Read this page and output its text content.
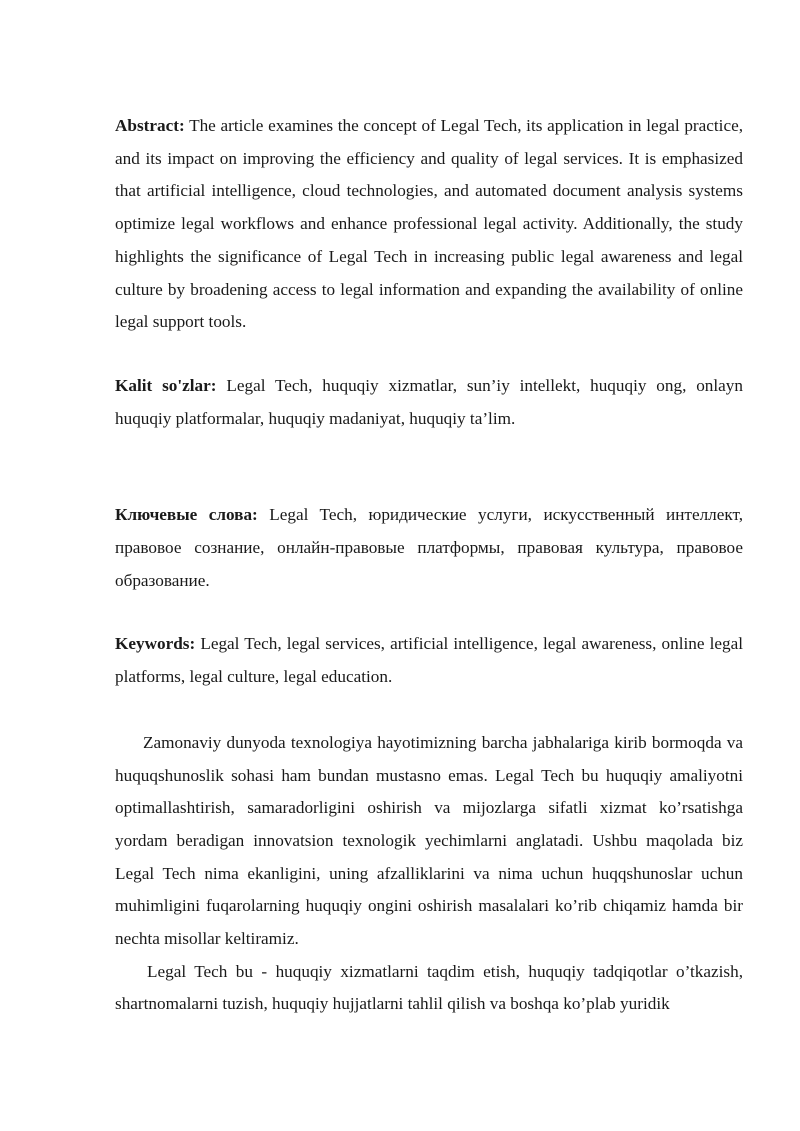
Abstract: The article examines the concept of Legal Tech, its application in legal practice, and its impact on improving the efficiency and quality of legal services. It is emphasized that artificial intelligence, cloud technologies, and automated document analysis systems optimize legal workflows and enhance professional legal activity. Additionally, the study highlights the significance of Legal Tech in increasing public legal awareness and legal culture by broadening access to legal information and expanding the availability of online legal support tools.

Kalit so'zlar: Legal Tech, huquqiy xizmatlar, sun’iy intellekt, huquqiy ong, onlayn huquqiy platformalar, huquqiy madaniyat, huquqiy ta’lim.

Ключевые слова: Legal Tech, юридические услуги, искусственный интеллект, правовое сознание, онлайн-правовые платформы, правовая культура, правовое образование.

Keywords: Legal Tech, legal services, artificial intelligence, legal awareness, online legal platforms, legal culture, legal education.

Zamonaviy dunyoda texnologiya hayotimizning barcha jabhalariga kirib bormoqda va huquqshunoslik sohasi ham bundan mustasno emas. Legal Tech bu huquqiy amaliyotni optimallashtirish, samaradorligini oshirish va mijozlarga sifatli xizmat ko’rsatishga yordam beradigan innovatsion texnologik yechimlarni anglatadi. Ushbu maqolada biz Legal Tech nima ekanligini, uning afzalliklarini va nima uchun huqqshunoslar uchun muhimligini fuqarolarning huquqiy ongini oshirish masalalari ko’rib chiqamiz hamda bir nechta misollar keltiramiz.

Legal Tech bu - huquqiy xizmatlarni taqdim etish, huquqiy tadqiqotlar o’tkazish, shartnomalarni tuzish, huquqiy hujjatlarni tahlil qilish va boshqa ko’plab yuridik
